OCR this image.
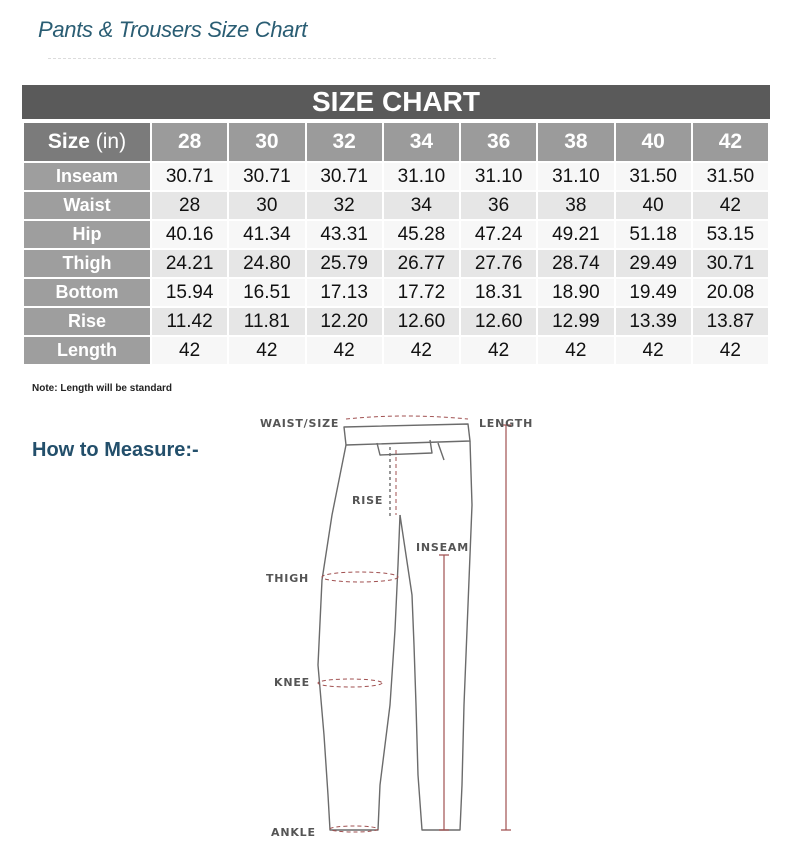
Pants & Trousers Size Chart
SIZE CHART
Size (in)	28	30	32	34	36	38	40	42
Inseam	30.71	30.71	30.71	31.10	31.10	31.10	31.50	31.50
Waist	28	30	32	34	36	38	40	42
Hip	40.16	41.34	43.31	45.28	47.24	49.21	51.18	53.15
Thigh	24.21	24.80	25.79	26.77	27.76	28.74	29.49	30.71
Bottom	15.94	16.51	17.13	17.72	18.31	18.90	19.49	20.08
Rise	11.42	11.81	12.20	12.60	12.60	12.99	13.39	13.87
Length	42	42	42	42	42	42	42	42
Note: Length will be standard
How to Measure:-
WAIST/SIZE	LENGTH
RISE
INSEAM
THIGH
KNEE
ANKLE
